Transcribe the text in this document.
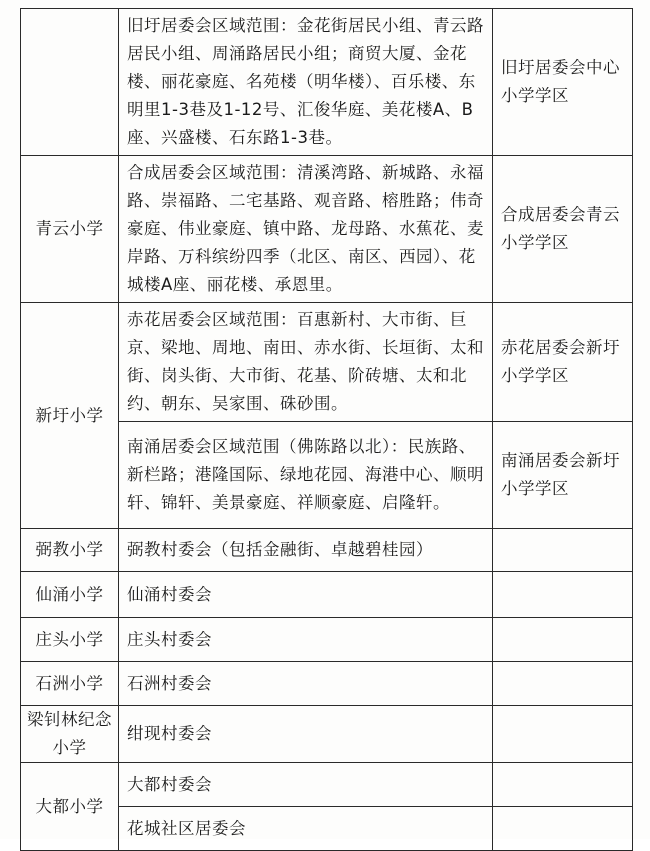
	旧圩居委会区域范围：金花街居民小组、青云路居民小组、周涌路居民小组；商贸大厦、金花楼、丽花豪庭、名苑楼（明华楼）、百乐楼、东明里1-3巷及1-12号、汇俊华庭、美花楼A、B座、兴盛楼、石东路1-3巷。	旧圩居委会中心小学学区
青云小学	合成居委会区域范围：清溪湾路、新城路、永福路、崇福路、二宅基路、观音路、榕胜路；伟奇豪庭、伟业豪庭、镇中路、龙母路、水蕉花、麦岸路、万科缤纷四季（北区、南区、西园）、花城楼A座、丽花楼、承恩里。	合成居委会青云小学学区
新圩小学	赤花居委会区域范围：百惠新村、大市街、巨京、梁地、周地、南田、赤水街、长垣街、太和街、岗头街、大市街、花基、阶砖塘、太和北约、朝东、吴家围、硃砂围。	赤花居委会新圩小学学区
	南涌居委会区域范围（佛陈路以北）：民族路、新栏路；港隆国际、绿地花园、海港中心、顺明轩、锦轩、美景豪庭、祥顺豪庭、启隆轩。	南涌居委会新圩小学学区
弼教小学	弼教村委会（包括金融街、卓越碧桂园）	
仙涌小学	仙涌村委会	
庄头小学	庄头村委会	
石洲小学	石洲村委会	
梁钊林纪念小学	绀现村委会	
大都小学	大都村委会	
	花城社区居委会	
